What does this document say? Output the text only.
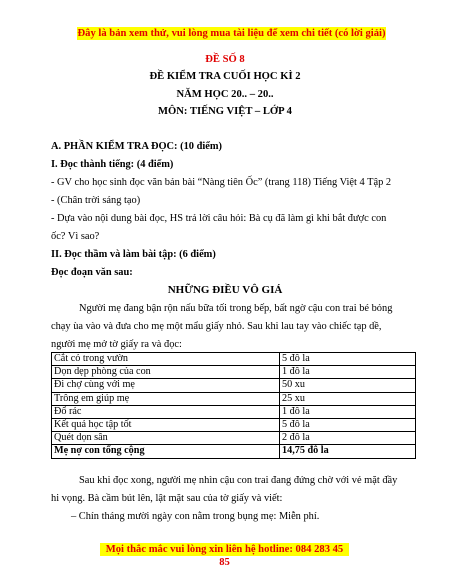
Đây là bản xem thử, vui lòng mua tài liệu để xem chi tiết (có lời giải)
ĐỀ SỐ 8
ĐỀ KIỂM TRA CUỐI HỌC KÌ 2
NĂM HỌC 20.. – 20..
MÔN: TIẾNG VIỆT – LỚP 4
A. PHẦN KIỂM TRA ĐỌC: (10 điểm)
I. Đọc thành tiếng: (4 điểm)
- GV cho học sinh đọc văn bản bài “Nàng tiên Ốc” (trang 118) Tiếng Việt 4 Tập 2
- (Chân trời sáng tạo)
- Dựa vào nội dung bài đọc, HS trả lời câu hỏi: Bà cụ đã làm gì khi bắt được con
ốc? Vì sao?
II. Đọc thầm và làm bài tập: (6 điểm)
Đọc đoạn văn sau:
NHỮNG ĐIỀU VÔ GIÁ
Người mẹ đang bận rộn nấu bữa tối trong bếp, bất ngờ cậu con trai bé bỏng
chạy ùa vào và đưa cho mẹ một mẩu giấy nhỏ. Sau khi lau tay vào chiếc tạp dề,
người mẹ mở tờ giấy ra và đọc:
Cắt cỏ trong vườn	5 đô la
Dọn dẹp phòng của con	1 đô la
Đi chợ cùng với mẹ	50 xu
Trông em giúp mẹ	25 xu
Đổ rác	1 đô la
Kết quả học tập tốt	5 đô la
Quét dọn sân	2 đô la
Mẹ nợ con tổng cộng	14,75 đô la
Sau khi đọc xong, người mẹ nhìn cậu con trai đang đứng chờ với vẻ mặt đầy
hi vọng. Bà cầm bút lên, lật mặt sau của tờ giấy và viết:
– Chín tháng mười ngày con nằm trong bụng mẹ: Miễn phí.
Mọi thắc mắc vui lòng xin liên hệ hotline: 084 283 45 85
